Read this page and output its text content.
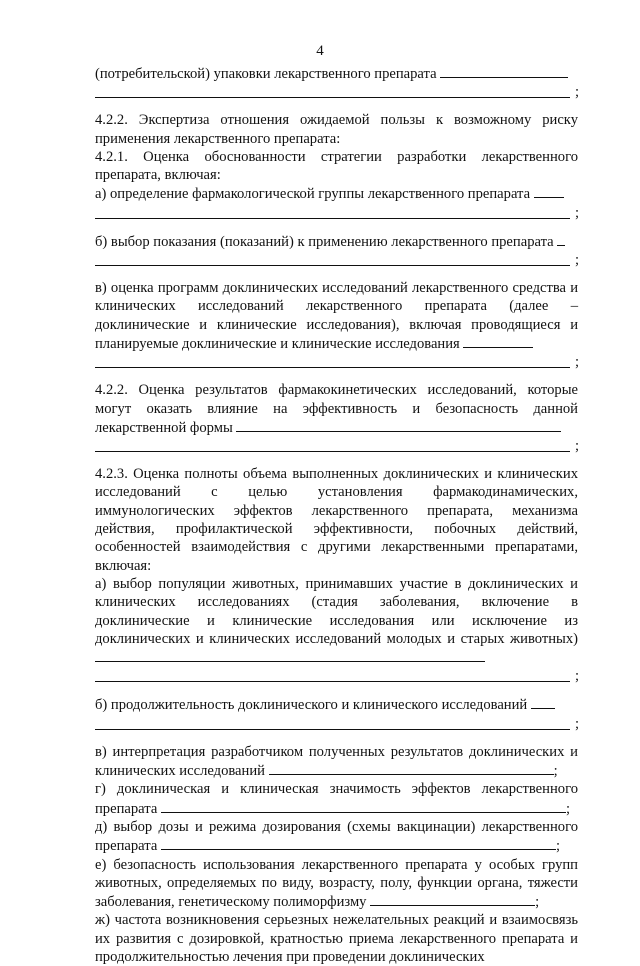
4

(потребительской) упаковки лекарственного препарата

;

4.2.2. Экспертиза отношения ожидаемой пользы к возможному риску применения лекарственного препарата:

4.2.1. Оценка обоснованности стратегии разработки лекарственного препарата, включая:

а) определение фармакологической группы лекарственного препарата

;

б) выбор показания (показаний) к применению лекарственного препарата

;

в) оценка программ доклинических исследований лекарственного средства и клинических исследований лекарственного препарата (далее – доклинические и клинические исследования), включая проводящиеся и планируемые доклинические и клинические исследования

;

4.2.2. Оценка результатов фармакокинетических исследований, которые могут оказать влияние на эффективность и безопасность данной лекарственной формы

;

4.2.3. Оценка полноты объема выполненных доклинических и клинических исследований с целью установления фармакодинамических, иммунологических эффектов лекарственного препарата, механизма действия, профилактической эффективности, побочных действий, особенностей взаимодействия с другими лекарственными препаратами, включая:

а) выбор популяции животных, принимавших участие в доклинических и клинических исследованиях (стадия заболевания, включение в доклинические и клинические исследования или исключение из доклинических и клинических исследований молодых и старых животных)

;

б) продолжительность доклинического и клинического исследований

;

в) интерпретация разработчиком полученных результатов доклинических и клинических исследований	;

г) доклиническая и клиническая значимость эффектов лекарственного препарата	;

д) выбор дозы и режима дозирования (схемы вакцинации) лекарственного препарата	;

е) безопасность использования лекарственного препарата у особых групп животных, определяемых по виду, возрасту, полу, функции органа, тяжести заболевания, генетическому полиморфизму	;

ж) частота возникновения серьезных нежелательных реакций и взаимосвязь их развития с дозировкой, кратностью приема лекарственного препарата и продолжительностью лечения при проведении доклинических
